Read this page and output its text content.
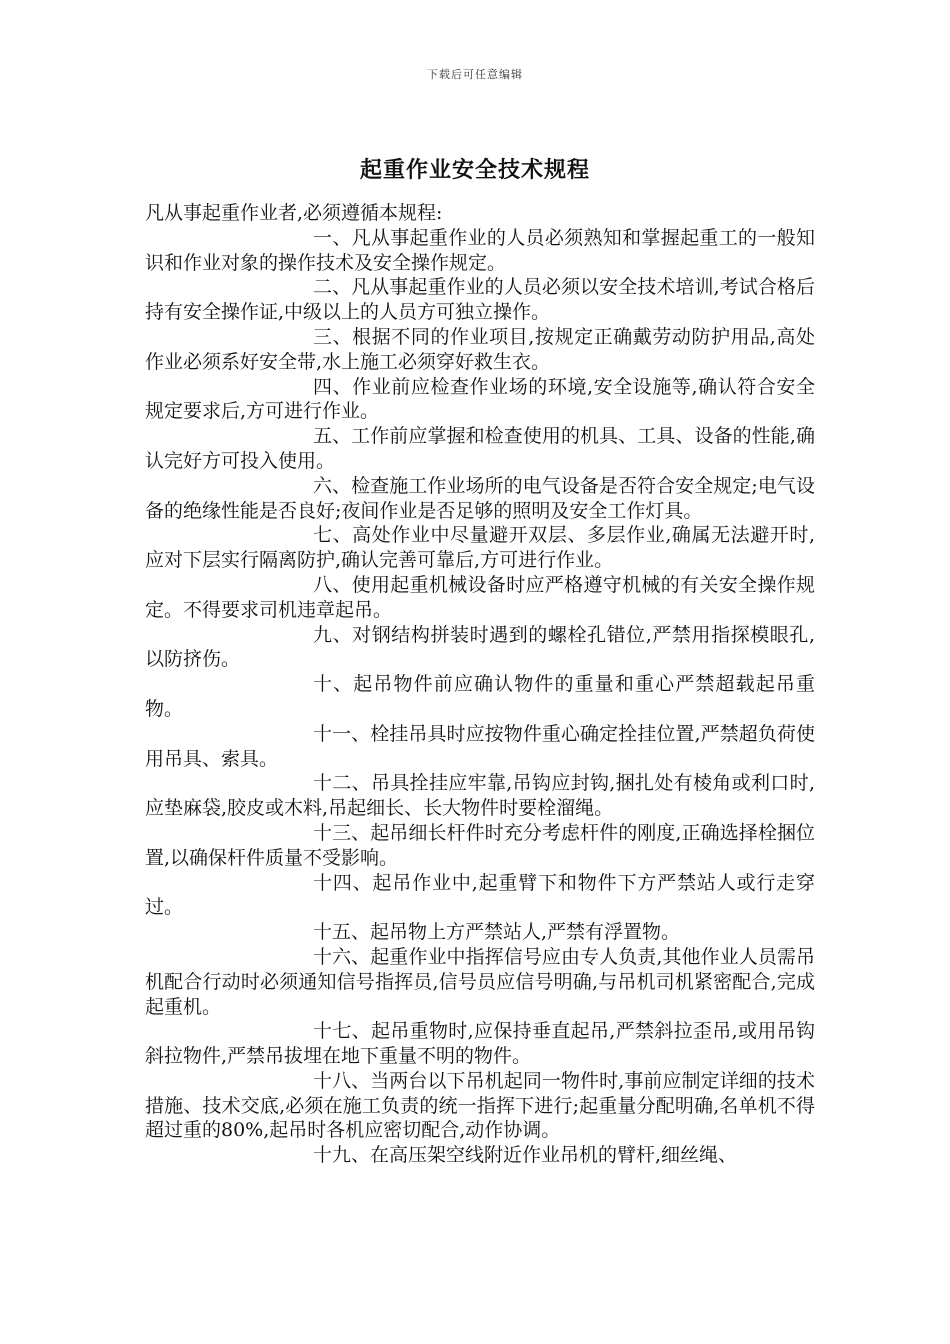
下载后可任意编辑
起重作业安全技术规程

凡从事起重作业者,必须遵循本规程:

一、凡从事起重作业的人员必须熟知和掌握起重工的一般知识和作业对象的操作技术及安全操作规定。

二、凡从事起重作业的人员必须以安全技术培训,考试合格后持有安全操作证,中级以上的人员方可独立操作。

三、根据不同的作业项目,按规定正确戴劳动防护用品,高处作业必须系好安全带,水上施工必须穿好救生衣。

四、作业前应检查作业场的环境,安全设施等,确认符合安全规定要求后,方可进行作业。

五、工作前应掌握和检查使用的机具、工具、设备的性能,确认完好方可投入使用。

六、检查施工作业场所的电气设备是否符合安全规定;电气设备的绝缘性能是否良好;夜间作业是否足够的照明及安全工作灯具。

七、高处作业中尽量避开双层、多层作业,确属无法避开时,应对下层实行隔离防护,确认完善可靠后,方可进行作业。

八、使用起重机械设备时应严格遵守机械的有关安全操作规定。不得要求司机违章起吊。

九、对钢结构拼装时遇到的螺栓孔错位,严禁用指探模眼孔,以防挤伤。

十、起吊物件前应确认物件的重量和重心严禁超载起吊重物。

十一、栓挂吊具时应按物件重心确定拴挂位置,严禁超负荷使用吊具、索具。

十二、吊具拴挂应牢靠,吊钩应封钩,捆扎处有棱角或利口时,应垫麻袋,胶皮或木料,吊起细长、长大物件时要栓溜绳。

十三、起吊细长杆件时充分考虑杆件的刚度,正确选择栓捆位置,以确保杆件质量不受影响。

十四、起吊作业中,起重臂下和物件下方严禁站人或行走穿过。

十五、起吊物上方严禁站人,严禁有浮置物。

十六、起重作业中指挥信号应由专人负责,其他作业人员需吊机配合行动时必须通知信号指挥员,信号员应信号明确,与吊机司机紧密配合,完成起重机。

十七、起吊重物时,应保持垂直起吊,严禁斜拉歪吊,或用吊钩斜拉物件,严禁吊拔埋在地下重量不明的物件。

十八、当两台以下吊机起同一物件时,事前应制定详细的技术措施、技术交底,必须在施工负责的统一指挥下进行;起重量分配明确,名单机不得超过重的80%,起吊时各机应密切配合,动作协调。

十九、在高压架空线附近作业吊机的臂杆,细丝绳、
